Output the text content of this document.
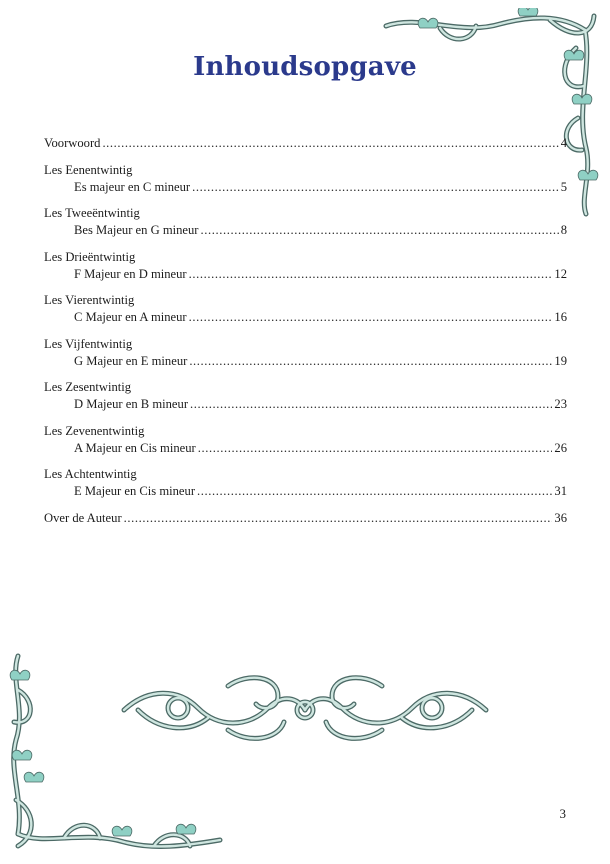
Inhoudsopgave
Voorwoord .....	4
Les Eenentwintig
Es majeur en C mineur .....	5
Les Tweeëntwintig
Bes Majeur en G mineur .....	8
Les Drieëntwintig
F Majeur en D mineur .....	12
Les Vierentwintig
C Majeur en A mineur .....	16
Les Vijfentwintig
G Majeur en E mineur .....	19
Les Zesentwintig
D Majeur en B mineur .....	23
Les Zevenentwintig
A Majeur en Cis mineur .....	26
Les Achtentwintig
E Majeur en Cis mineur .....	31
Over de Auteur .....	36
3
